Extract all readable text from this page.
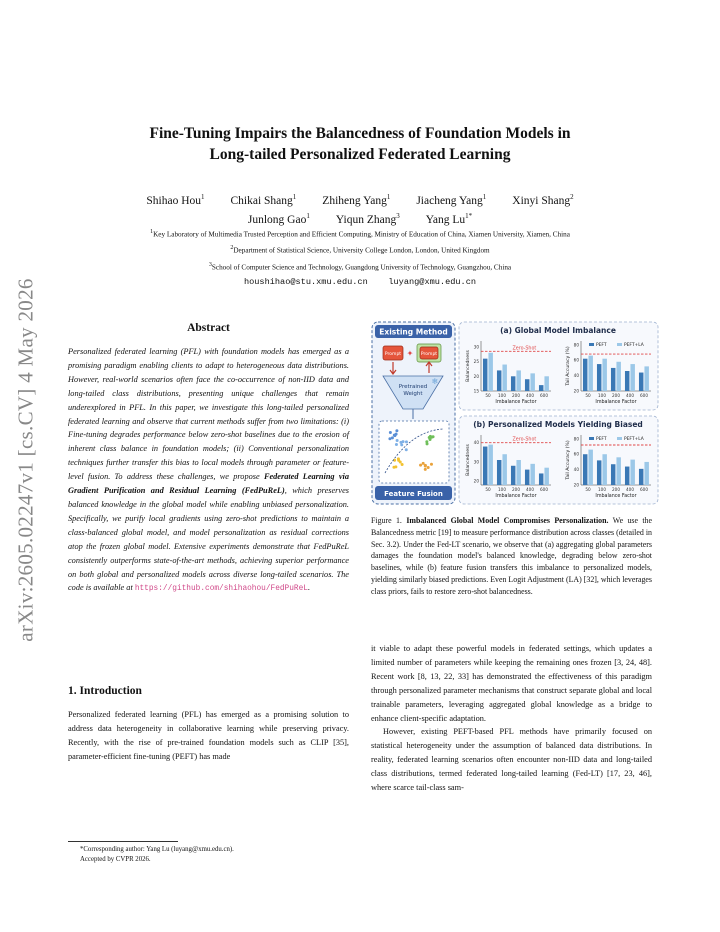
arXiv:2605.02247v1 [cs.CV] 4 May 2026
Fine-Tuning Impairs the Balancedness of Foundation Models in
Long-tailed Personalized Federated Learning
Shihao Hou$^1$ Chikai Shang$^1$ Zhiheng Yang$^1$ Jiacheng Yang$^1$ Xinyi Shang$^2$
Junlong Gao$^1$ Yiqun Zhang$^3$ Yang $Lu^{1*}$
$^1$Key Laboratory of Multimedia Trusted Perception and Efficient Computing, Ministry of Education of China, Xiamen University, Xiamen, China
$^2$Department of Statistical Science, University College London, London, United Kingdom
$^3$School of Computer Science and Technology, Guangdong University of Technology, Guangzhou, China
houshihao@stu.xmu.edu.cn    luyang@xmu.edu.cn
Abstract
Personalized federated learning (PFL) with foundation models has emerged as a promising paradigm enabling clients to adapt to heterogeneous data distributions. However, real-world scenarios often face the co-occurrence of non-IID data and long-tailed class distributions, presenting unique challenges that remain underexplored in PFL. In this paper, we investigate this long-tailed personalized federated learning and observe that current methods suffer from two limitations: (i) Fine-tuning degrades performance below zero-shot baselines due to the erosion of inherent class balance in foundation models; (ii) Conventional personalization techniques further transfer this bias to local models through parameter or feature-level fusion. To address these challenges, we propose Federated Learning via Gradient Purification and Residual Learning (FedPuReL), which preserves balanced knowledge in the global model while enabling unbiased personalization. Specifically, we purify local gradients using zero-shot predictions to maintain a class-balanced global model, and model personalization as residual corrections atop the frozen global model. Extensive experiments demonstrate that FedPuReL consistently outperforms state-of-the-art methods, achieving superior performance on both global and personalized models across diverse long-tailed scenarios. The code is available at https://github.com/shihaohou/FedPuReL.
1. Introduction
Personalized federated learning (PFL) has emerged as a promising solution to address data heterogeneity in collaborative learning while preserving privacy. Recently, with the rise of pre-trained foundation models such as CLIP [35], parameter-efficient fine-tuning (PEFT) has made
*Corresponding author: Yang Lu (luyang@xmu.edu.cn).
Accepted by CVPR 2026.
Existing Method
Prompt	Prompt
✦
Pretrained
Weight
❄
Feature Fusion
(a) Global Model Imbalance
(b) Personalized Models Yielding Biased
15
20
25
30
Balancedness
50 100 200 400 600
Imbalance Factor
Zero-Shot
20
40
60
80
Tail Accuracy (%)
50 100 200 400 600
Imbalance Factor
PEFT	PEFT+LA
20
30
40
Balancedness
50 100 200 400 600
Imbalance Factor
Zero-Shot
20
40
60
80
Tail Accuracy (%)
50 100 200 400 600
Imbalance Factor
PEFT	PEFT+LA
Figure 1. Imbalanced Global Model Compromises Personalization. We use the Balancedness metric [19] to measure performance distribution across classes (detailed in Sec. 3.2). Under the Fed-LT scenario, we observe that (a) aggregating global parameters damages the foundation model's balanced knowledge, degrading below zero-shot baselines, while (b) feature fusion transfers this imbalance to personalized models, yielding similarly biased predictions. Even Logit Adjustment (LA) [32], which leverages class priors, fails to restore zero-shot balancedness.
it viable to adapt these powerful models in federated settings, which updates a limited number of parameters while keeping the remaining ones frozen [3, 24, 48]. Recent work [8, 13, 22, 33] has demonstrated the effectiveness of this paradigm through personalized parameter mechanisms that construct separate global and local trainable parameters, leveraging aggregated global knowledge as a bridge to enhance client-specific adaptation.
However, existing PEFT-based PFL methods have primarily focused on statistical heterogeneity under the assumption of balanced data distributions. In reality, federated learning scenarios often encounter non-IID data and long-tailed class distributions, termed federated long-tailed learning (Fed-LT) [17, 23, 46], where scarce tail-class sam-
